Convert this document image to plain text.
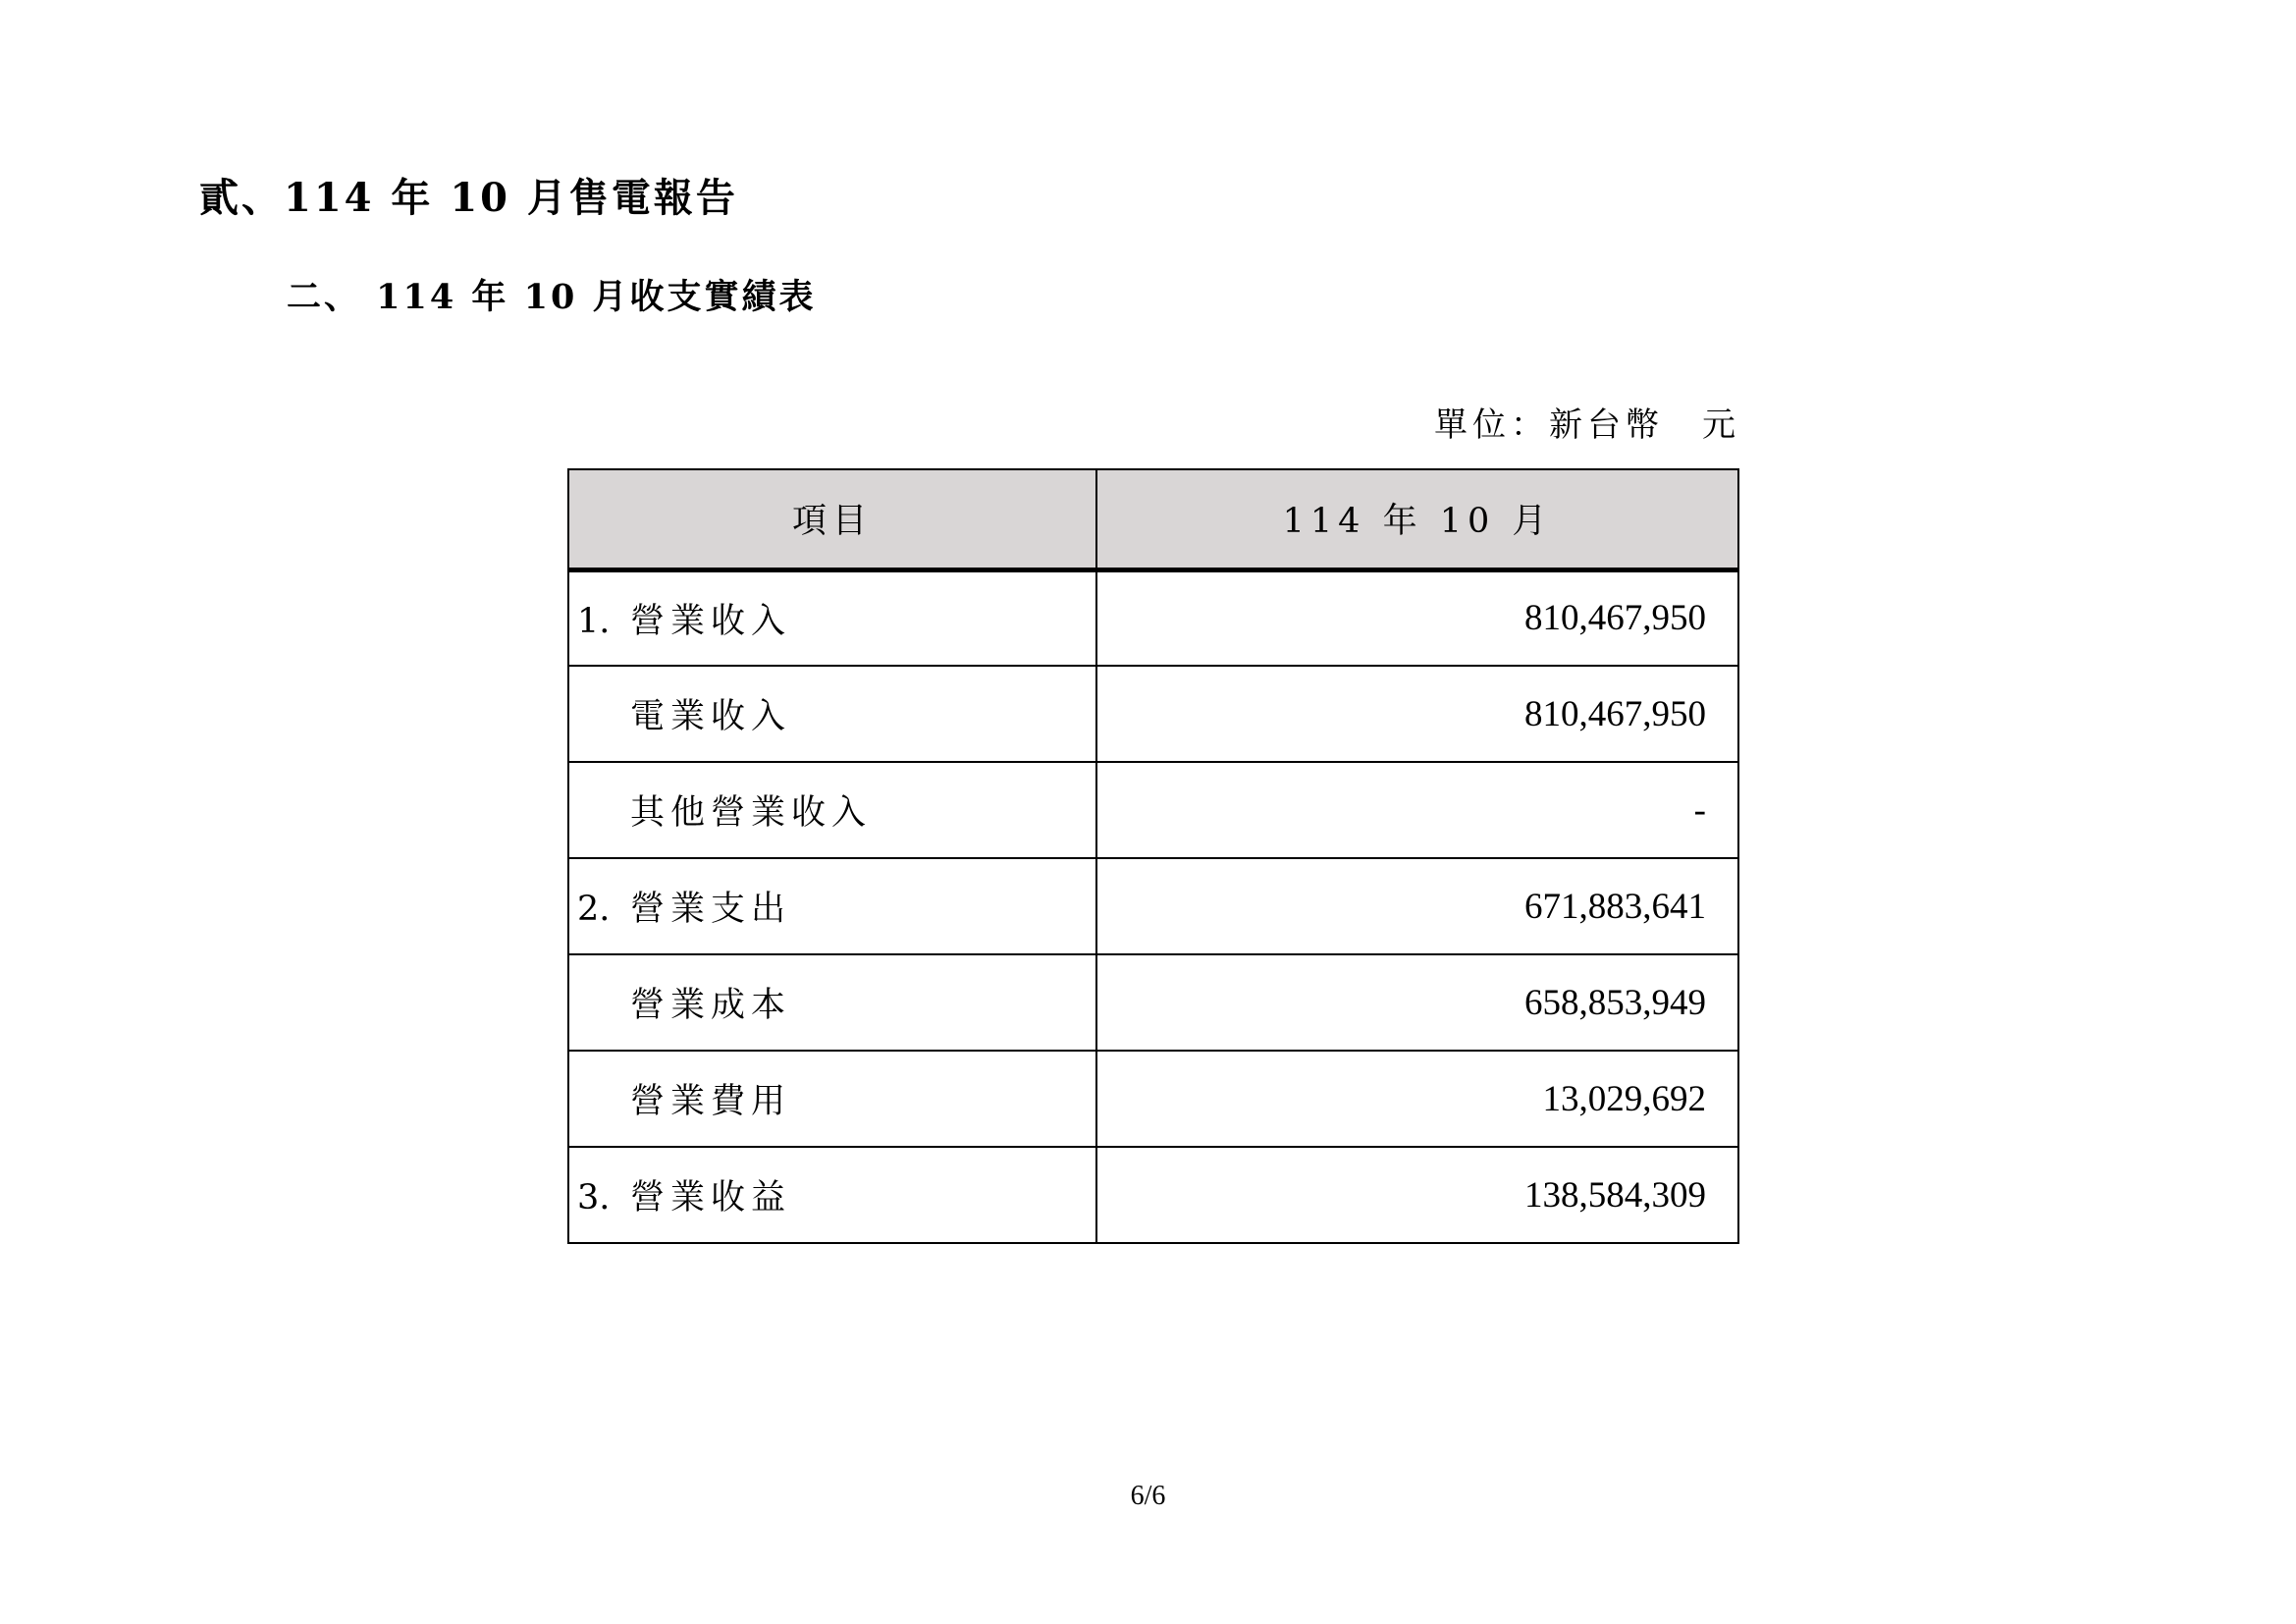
貳、114 年 10 月售電報告
二、 114 年 10 月收支實績表
單位：新台幣　元
項目	114 年 10 月
1. 營業收入	810,467,950
電業收入	810,467,950
其他營業收入	-
2. 營業支出	671,883,641
營業成本	658,853,949
營業費用	13,029,692
3. 營業收益	138,584,309
6/6
